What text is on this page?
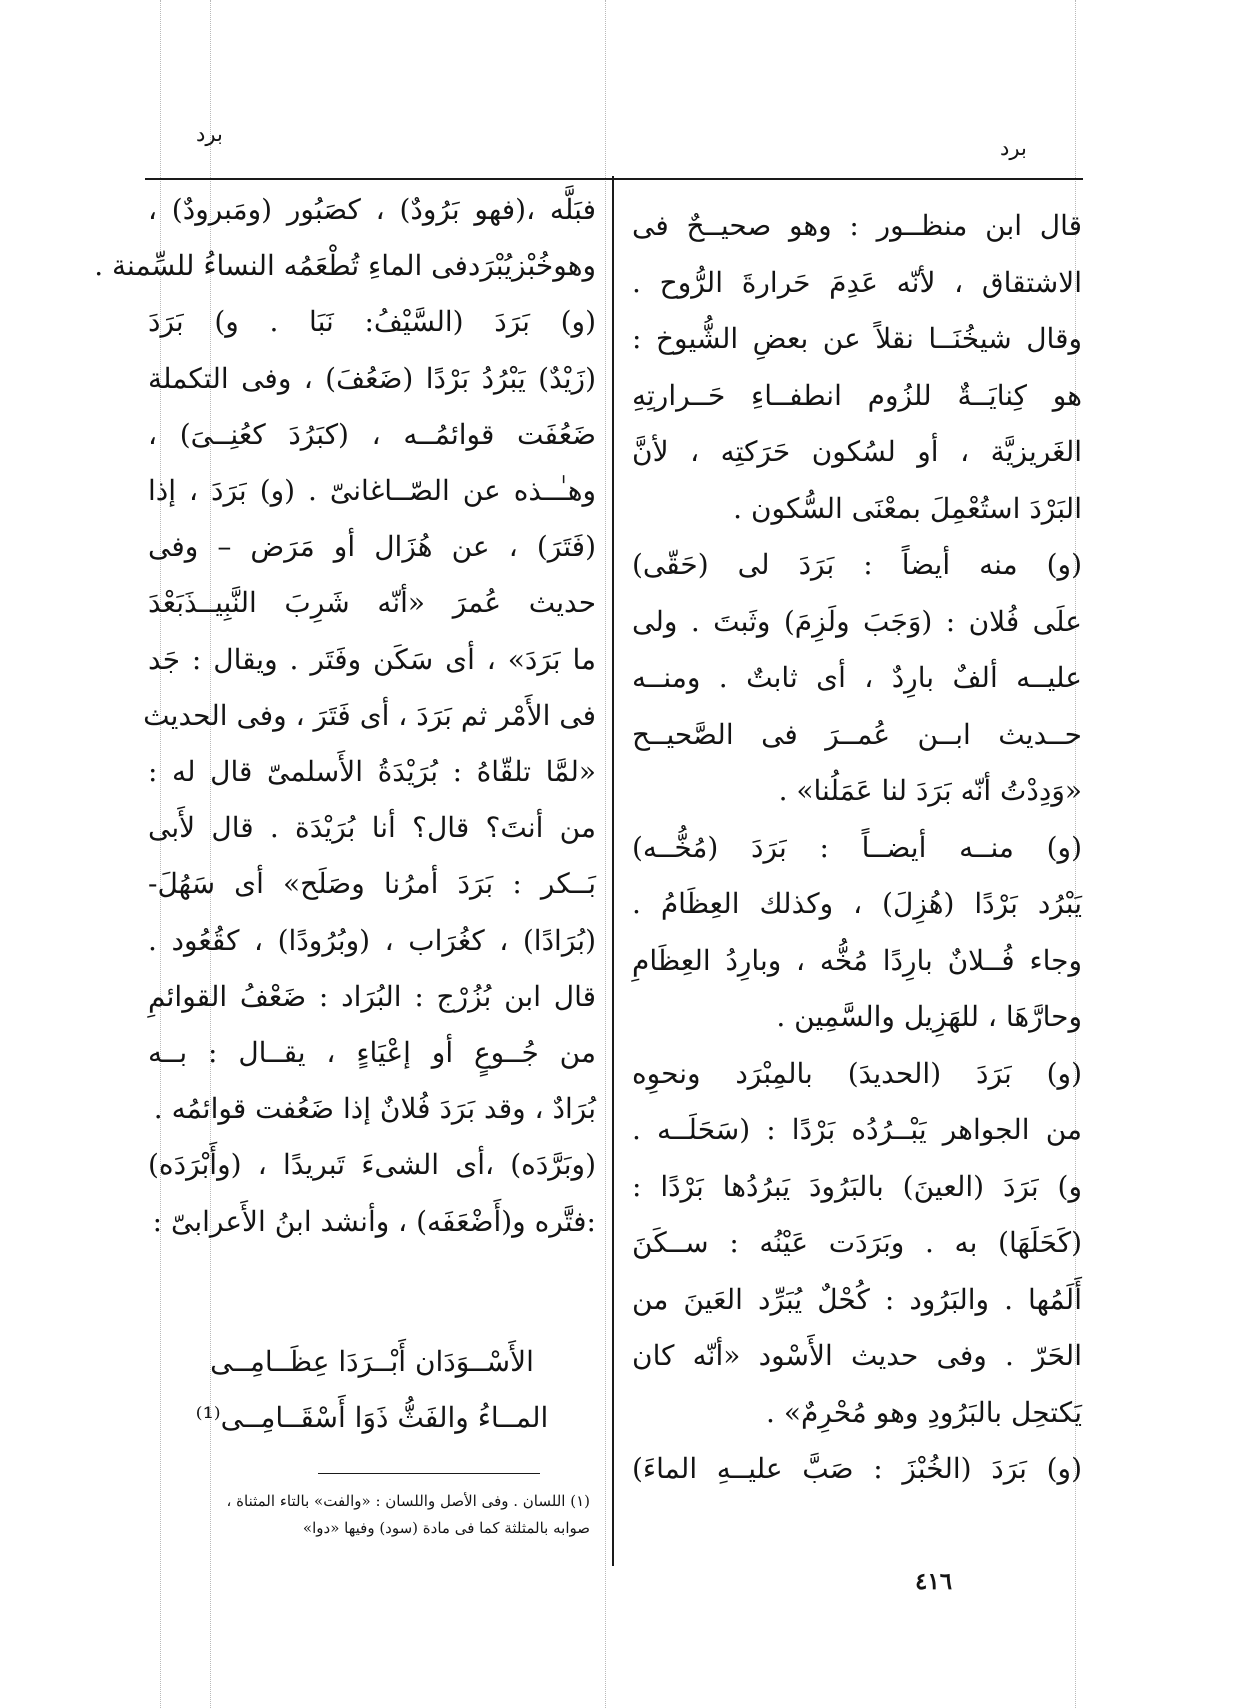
برد
برد
قال ابن منظــور : وهو صحيــحٌ فى
الاشتقاق ، لأنّه عَدِمَ حَرارةَ الرُّوح .
وقال شيخُنَــا نقلاً عن بعضِ الشُّيوخ :
هو كِنايَــةٌ للزُوم انطفــاءِ حَــرارتِهِ
الغَريزيَّة ، أو لسُكون حَرَكتِه ، لأنَّ
البَرْدَ استُعْمِلَ بمعْنَى السُّكون .
(و) منه أيضاً : بَرَدَ لى (حَقّى)
علَى فُلان : (وَجَبَ ولَزِمَ) وثَبتَ . ولى
عليــه ألفٌ بارِدٌ ، أى ثابتٌ . ومنــه
حــديث ابــن عُمــرَ فى الصَّحيــح
«وَدِدْتُ أنّه بَرَدَ لنا عَمَلُنا» .
(و) منــه أيضــاً : بَرَدَ (مُخُّــه)
يَبْرُد بَرْدًا (هُزِلَ) ، وكذلك العِظَامُ .
وجاء فُــلانٌ بارِدًا مُخُّه ، وبارِدُ العِظَامِ
وحارَّهَا ، للهَزِيل والسَّمِين .
(و) بَرَدَ (الحديدَ) بالمِبْرَد ونحوِه
من الجواهر يَبْــرُدُه بَرْدًا : (سَحَلَــه .
و) بَرَدَ (العينَ) بالبَرُودَ يَبرُدُها بَرْدًا :
(كَحَلَهَا) به . وبَرَدَت عَيْنُه : ســكَنَ
أَلَمُها . والبَرُود : كُحْلٌ يُبَرِّد العَينَ من
الحَرّ . وفى حديث الأَسْود «أنّه كان
يَكتحِل بالبَرُودِ وهو مُحْرِمٌ» .
(و) بَرَدَ (الخُبْزَ : صَبَّ عليــهِ الماءَ)
فبَلَّه ،(فهو بَرُودٌ) ، كصَبُور (ومَبرودٌ) ،
وهوخُبْزيُبْرَدفى الماءِ تُطْعَمُه النساءُ للسِّمنة .
(و) بَرَدَ (السَّيْفُ: نَبَا . و) بَرَدَ
(زَيْدٌ) يَبْرُدُ بَرْدًا (ضَعُفَ) ، وفى التكملة
ضَعُفَت قوائمُــه ، (كبَرُدَ كعُنِــىَ) ،
وهـٰــذه عن الصّــاغانىّ . (و) بَرَدَ ، إذا
(فَتَرَ) ، عن هُزَال أو مَرَض – وفى
حديث عُمرَ «أنّه شَرِبَ النَّبِيــذَبَعْدَ
ما بَرَدَ» ، أى سَكَن وفَتَر . ويقال : جَد
فى الأَمْر ثم بَرَدَ ، أى فَتَرَ ، وفى الحديث
«لمَّا تلقّاهُ : بُرَيْدَةُ الأَسلمىّ قال له :
من أنتَ؟ قال؟ أنا بُرَيْدَة . قال لأَبى
بَــكر : بَرَدَ أمرُنا وصَلَح» أى سَهُلَ-
(بُرَادًا) ، كغُرَاب ، (وبُرُودًا) ، كقُعُود .
قال ابن بُزُرْج : البُرَاد : ضَعْفُ القوائمِ
من جُــوعٍ أو إعْيَاءٍ ، يقــال : بــه
بُرَادٌ ، وقد بَرَدَ فُلانٌ إذا ضَعُفت قوائمُه .
(وبَرَّدَه) ،أى الشىءَ تَبريدًا ، (وأَبْرَدَه)
:فتَّره و(أَضْعَفَه) ، وأنشد ابنُ الأَعرابىّ :
الأَسْــوَدَان أَبْــرَدَا عِظَــامِــى
المــاءُ والفَثُّ ذَوَا أَسْقَــامِــى⁽¹⁾
(١) اللسان . وفى الأصل واللسان : «والفت» بالتاء المثناة ،
صوابه بالمثلثة كما فى مادة (سود) وفيها «دوا»
٤١٦
